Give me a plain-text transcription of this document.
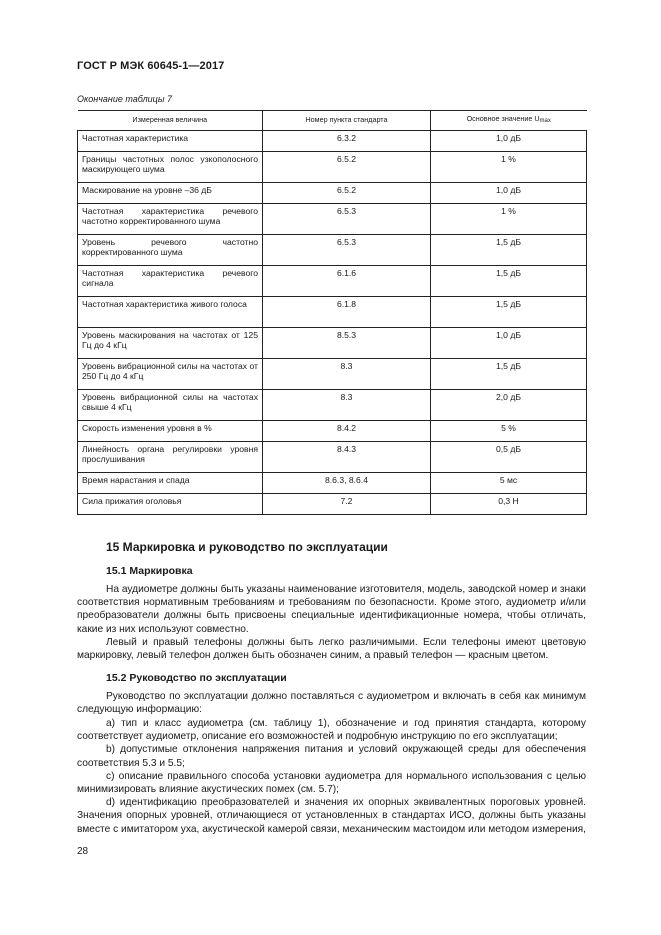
ГОСТ Р МЭК 60645-1—2017
Окончание таблицы 7
Измеренная величина	Номер пункта стандарта	Основное значение $U_{max}$
Частотная характеристика	6.3.2	1,0 дБ
Границы частотных полос узкополосного маскирующего шума	6.5.2	1 %
Маскирование на уровне –36 дБ	6.5.2	1,0 дБ
Частотная характеристика речевого частотно корректированного шума	6.5.3	1 %
Уровень речевого частотно корректированного шума	6.5.3	1,5 дБ
Частотная характеристика речевого сигнала	6.1.6	1,5 дБ
Частотная характеристика живого голоса	6.1.8	1,5 дБ
Уровень маскирования на частотах от 125 Гц до 4 кГц	8.5.3	1,0 дБ
Уровень вибрационной силы на частотах от 250 Гц до 4 кГц	8.3	1,5 дБ
Уровень вибрационной силы на частотах свыше 4 кГц	8.3	2,0 дБ
Скорость изменения уровня в %	8.4.2	5 %
Линейность органа регулировки уровня прослушивания	8.4.3	0,5 дБ
Время нарастания и спада	8.6.3, 8.6.4	5 мс
Сила прижатия оголовья	7.2	0,3 Н
15 Маркировка и руководство по эксплуатации
15.1 Маркировка

На аудиометре должны быть указаны наименование изготовителя, модель, заводской номер и знаки соответствия нормативным требованиям и требованиям по безопасности. Кроме этого, аудиометр и/или преобразователи должны быть присвоены специальные идентификационные номера, чтобы отличать, какие из них используют совместно.

Левый и правый телефоны должны быть легко различимыми. Если телефоны имеют цветовую маркировку, левый телефон должен быть обозначен синим, а правый телефон — красным цветом.

15.2 Руководство по эксплуатации

Руководство по эксплуатации должно поставляться с аудиометром и включать в себя как минимум следующую информацию:

а) тип и класс аудиометра (см. таблицу 1), обозначение и год принятия стандарта, которому соответствует аудиометр, описание его возможностей и подробную инструкцию по его эксплуатации;

b) допустимые отклонения напряжения питания и условий окружающей среды для обеспечения соответствия 5.3 и 5.5;

c) описание правильного способа установки аудиометра для нормального использования с целью минимизировать влияние акустических помех (см. 5.7);

d) идентификацию преобразователей и значения их опорных эквивалентных пороговых уровней. Значения опорных уровней, отличающиеся от установленных в стандартах ИСО, должны быть указаны вместе с имитатором уха, акустической камерой связи, механическим мастоидом или методом измерения,

28
